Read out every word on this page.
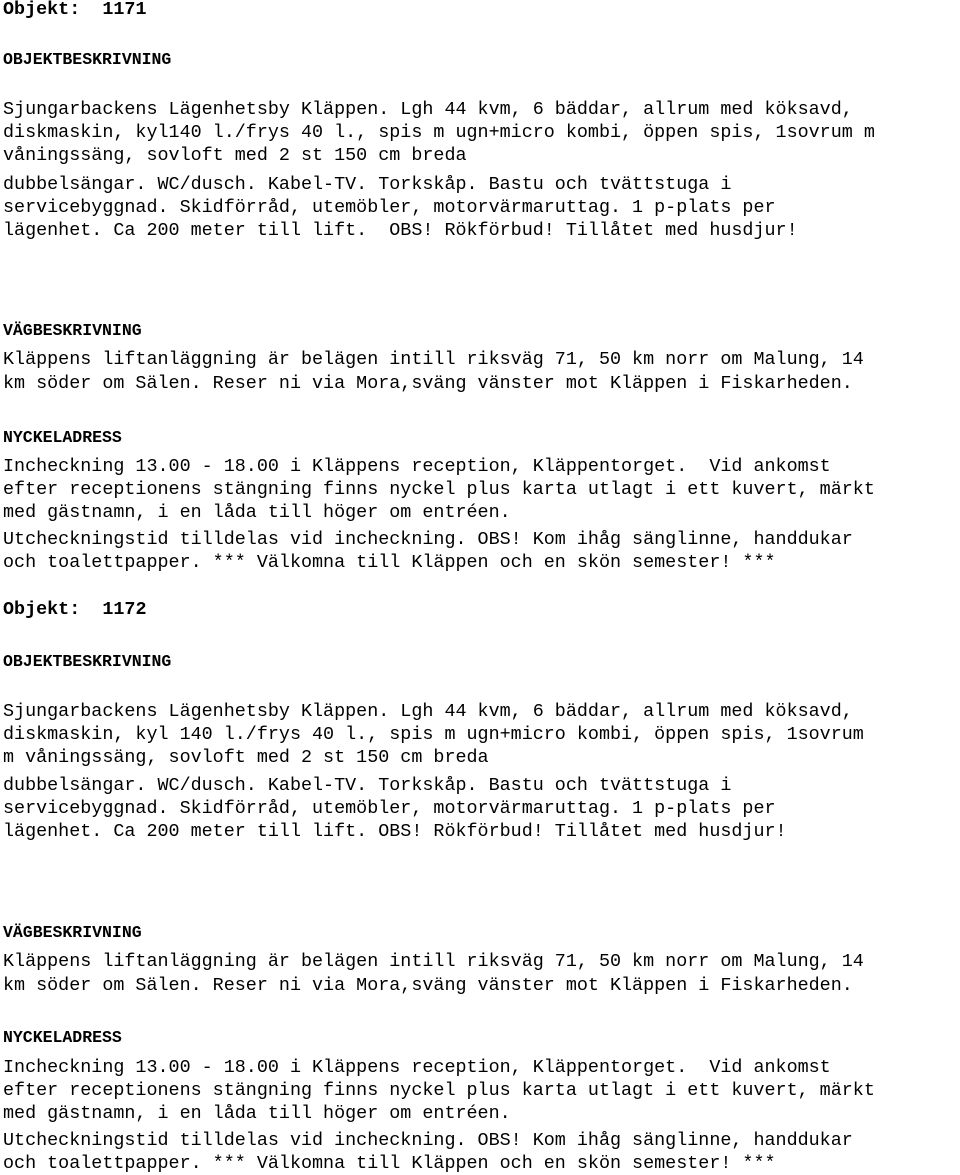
Objekt: 1171
OBJEKTBESKRIVNING
Sjungarbackens Lägenhetsby Kläppen. Lgh 44 kvm, 6 bäddar, allrum med köksavd,
diskmaskin, kyl140 l./frys 40 l., spis m ugn+micro kombi, öppen spis, 1sovrum m
våningssäng, sovloft med 2 st 150 cm breda
dubbelsängar. WC/dusch. Kabel-TV. Torkskåp. Bastu och tvättstuga i
servicebyggnad. Skidförråd, utemöbler, motorvärmaruttag. 1 p-plats per
lägenhet. Ca 200 meter till lift.  OBS! Rökförbud! Tillåtet med husdjur!
VÄGBESKRIVNING
Kläppens liftanläggning är belägen intill riksväg 71, 50 km norr om Malung, 14
km söder om Sälen. Reser ni via Mora,sväng vänster mot Kläppen i Fiskarheden.
NYCKELADRESS
Incheckning 13.00 - 18.00 i Kläppens reception, Kläppentorget.  Vid ankomst
efter receptionens stängning finns nyckel plus karta utlagt i ett kuvert, märkt
med gästnamn, i en låda till höger om entréen.
Utcheckningstid tilldelas vid incheckning. OBS! Kom ihåg sänglinne, handdukar
och toalettpapper. *** Välkomna till Kläppen och en skön semester! ***
Objekt: 1172
OBJEKTBESKRIVNING
Sjungarbackens Lägenhetsby Kläppen. Lgh 44 kvm, 6 bäddar, allrum med köksavd,
diskmaskin, kyl 140 l./frys 40 l., spis m ugn+micro kombi, öppen spis, 1sovrum
m våningssäng, sovloft med 2 st 150 cm breda
dubbelsängar. WC/dusch. Kabel-TV. Torkskåp. Bastu och tvättstuga i
servicebyggnad. Skidförråd, utemöbler, motorvärmaruttag. 1 p-plats per
lägenhet. Ca 200 meter till lift. OBS! Rökförbud! Tillåtet med husdjur!
VÄGBESKRIVNING
Kläppens liftanläggning är belägen intill riksväg 71, 50 km norr om Malung, 14
km söder om Sälen. Reser ni via Mora,sväng vänster mot Kläppen i Fiskarheden.
NYCKELADRESS
Incheckning 13.00 - 18.00 i Kläppens reception, Kläppentorget.  Vid ankomst
efter receptionens stängning finns nyckel plus karta utlagt i ett kuvert, märkt
med gästnamn, i en låda till höger om entréen.
Utcheckningstid tilldelas vid incheckning. OBS! Kom ihåg sänglinne, handdukar
och toalettpapper. *** Välkomna till Kläppen och en skön semester! ***
